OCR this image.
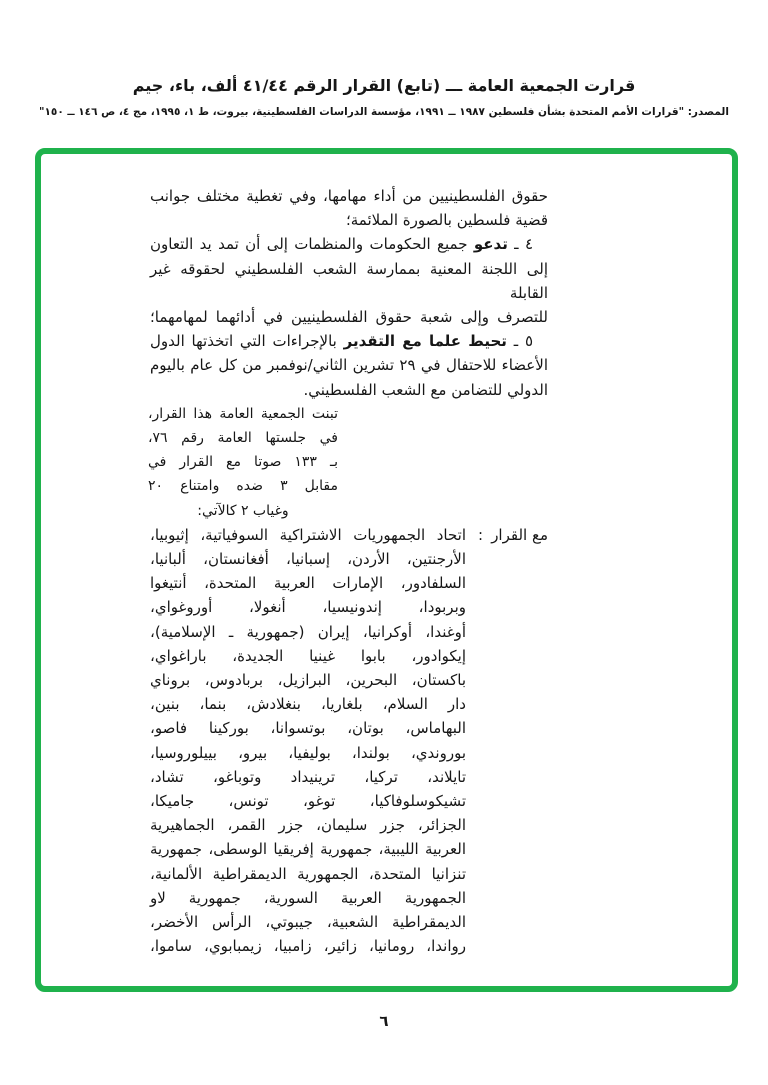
قرارت الجمعية العامة ـــ (تابع) القرار الرقم ٤١/٤٤ ألف، باء، جيم
المصدر: "قرارات الأمم المتحدة بشأن فلسطين ١٩٨٧ ــ ١٩٩١، مؤسسة الدراسات الفلسطينية، بيروت، ط ١، ١٩٩٥، مج ٤، ص ١٤٦ ــ ١٥٠"
حقوق الفلسطينيين من أداء مهامها، وفي تغطية مختلف جوانب
قضية فلسطين بالصورة الملائمة؛
٤ ـ تدعو جميع الحكومات والمنظمات إلى أن تمد يد التعاون
إلى اللجنة المعنية بممارسة الشعب الفلسطيني لحقوقه غير القابلة
للتصرف وإلى شعبة حقوق الفلسطينيين في أدائهما لمهامهما؛
٥ ـ تحيط علما مع التقدير بالإجراءات التي اتخذتها الدول
الأعضاء للاحتفال في ٢٩ تشرين الثاني/نوفمبر من كل عام باليوم
الدولي للتضامن مع الشعب الفلسطيني.
تبنت الجمعية العامة هذا القرار،
في جلستها العامة رقم ٧٦،
بـ ١٣٣ صوتا مع القرار في
مقابل ٣ ضده وامتناع ٢٠
وغياب ٢ كالآتي:
مع القرار
:
اتحاد الجمهوريات الاشتراكية السوفياتية، إثيوبيا،
الأرجنتين، الأردن، إسبانيا، أفغانستان، ألبانيا،
السلفادور، الإمارات العربية المتحدة، أنتيغوا
وبربودا، إندونيسيا، أنغولا، أوروغواي،
أوغندا، أوكرانيا، إيران (جمهورية ـ الإسلامية)،
إيكوادور، بابوا غينيا الجديدة، باراغواي،
باكستان، البحرين، البرازيل، بربادوس، بروناي
دار السلام، بلغاريا، بنغلادش، بنما، بنين،
البهاماس، بوتان، بوتسوانا، بوركينا فاصو،
بوروندي، بولندا، بوليفيا، بيرو، بييلوروسيا،
تايلاند، تركيا، ترينيداد وتوباغو، تشاد،
تشيكوسلوفاكيا، توغو، تونس، جاميكا،
الجزائر، جزر سليمان، جزر القمر، الجماهيرية
العربية الليبية، جمهورية إفريقيا الوسطى، جمهورية
تنزانيا المتحدة، الجمهورية الديمقراطية الألمانية،
الجمهورية العربية السورية، جمهورية لاو
الديمقراطية الشعبية، جيبوتي، الرأس الأخضر،
رواندا، رومانيا، زائير، زامبيا، زيمبابوي، ساموا،
٦
